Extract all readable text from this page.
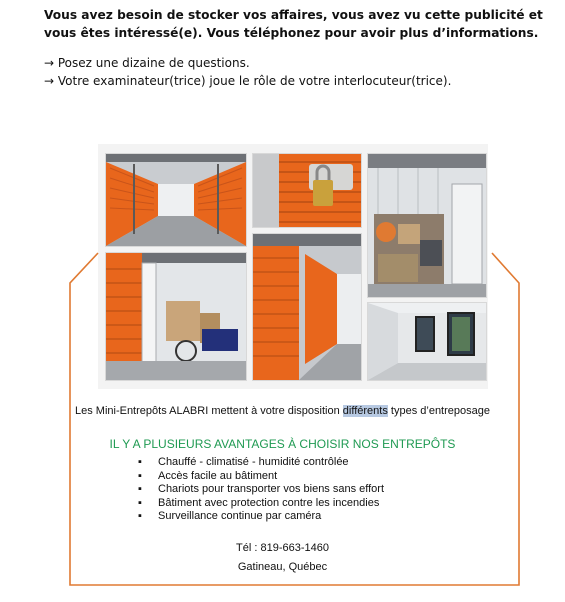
Vous avez besoin de stocker vos affaires, vous avez vu cette publicité et vous êtes intéressé(e). Vous téléphonez pour avoir plus d’informations.

→ Posez une dizaine de questions.

→ Votre examinateur(trice) joue le rôle de votre interlocuteur(trice).

Les Mini-Entrepôts ALABRI mettent à votre disposition différents types d’entreposage
IL Y A PLUSIEURS AVANTAGES À CHOISIR NOS ENTREPÔTS
▪ Chauffé - climatisé - humidité contrôlée
▪ Accès facile au bâtiment
▪ Chariots pour transporter vos biens sans effort
▪ Bâtiment avec protection contre les incendies
▪ Surveillance continue par caméra
Tél : 819-663-1460
Gatineau, Québec
